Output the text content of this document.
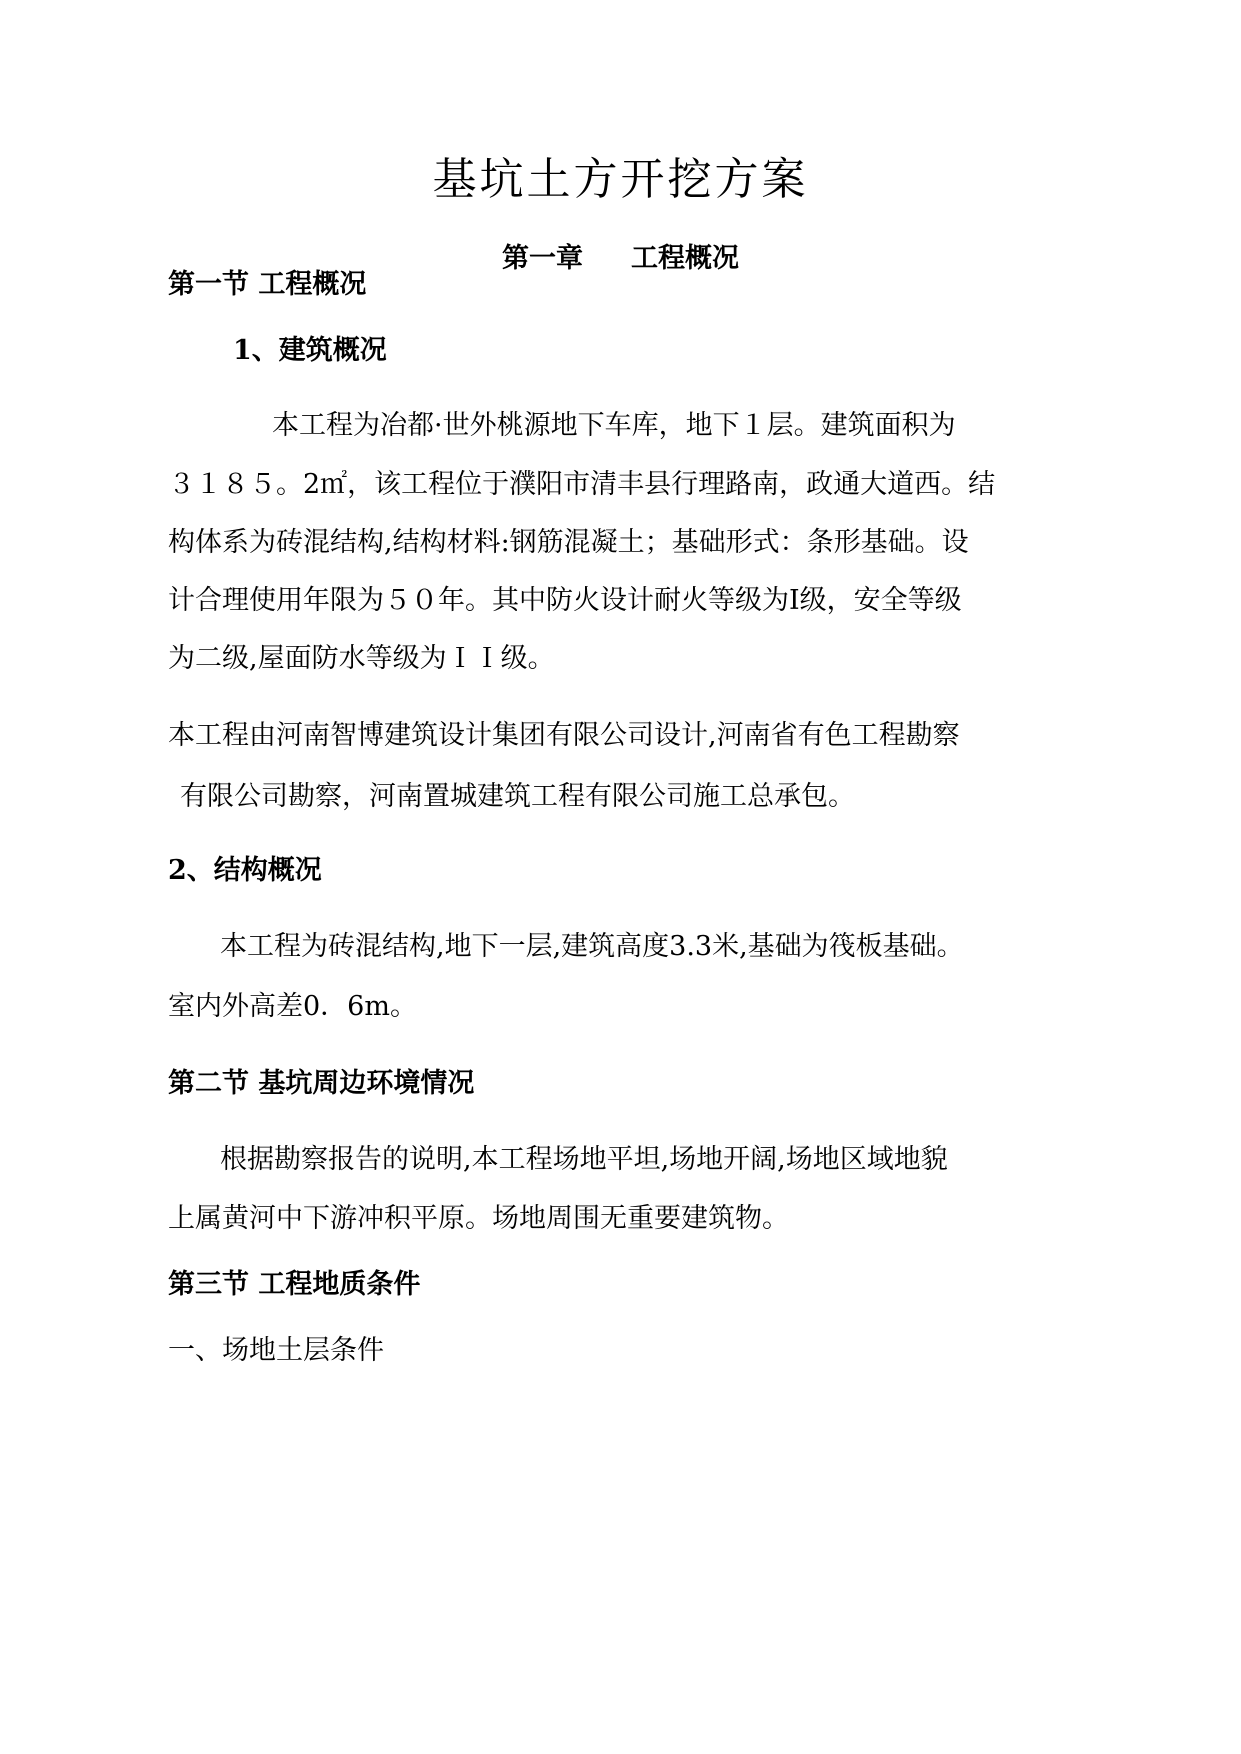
基坑土方开挖方案
第一章 工程概况
第一节 工程概况
1、建筑概况
本工程为冶都·世外桃源地下车库，地下１层。建筑面积为
３１８５。2㎡，该工程位于濮阳市清丰县行理路南，政通大道西。结
构体系为砖混结构,结构材料:钢筋混凝土；基础形式：条形基础。设
计合理使用年限为５０年。其中防火设计耐火等级为Ⅰ级，安全等级
为二级,屋面防水等级为ＩＩ级。
本工程由河南智博建筑设计集团有限公司设计,河南省有色工程勘察
有限公司勘察，河南置城建筑工程有限公司施工总承包。
2、结构概况
本工程为砖混结构,地下一层,建筑高度3.3米,基础为筏板基础。
室内外高差0．6m。
第二节 基坑周边环境情况
根据勘察报告的说明,本工程场地平坦,场地开阔,场地区域地貌
上属黄河中下游冲积平原。场地周围无重要建筑物。
第三节 工程地质条件
一、场地土层条件
